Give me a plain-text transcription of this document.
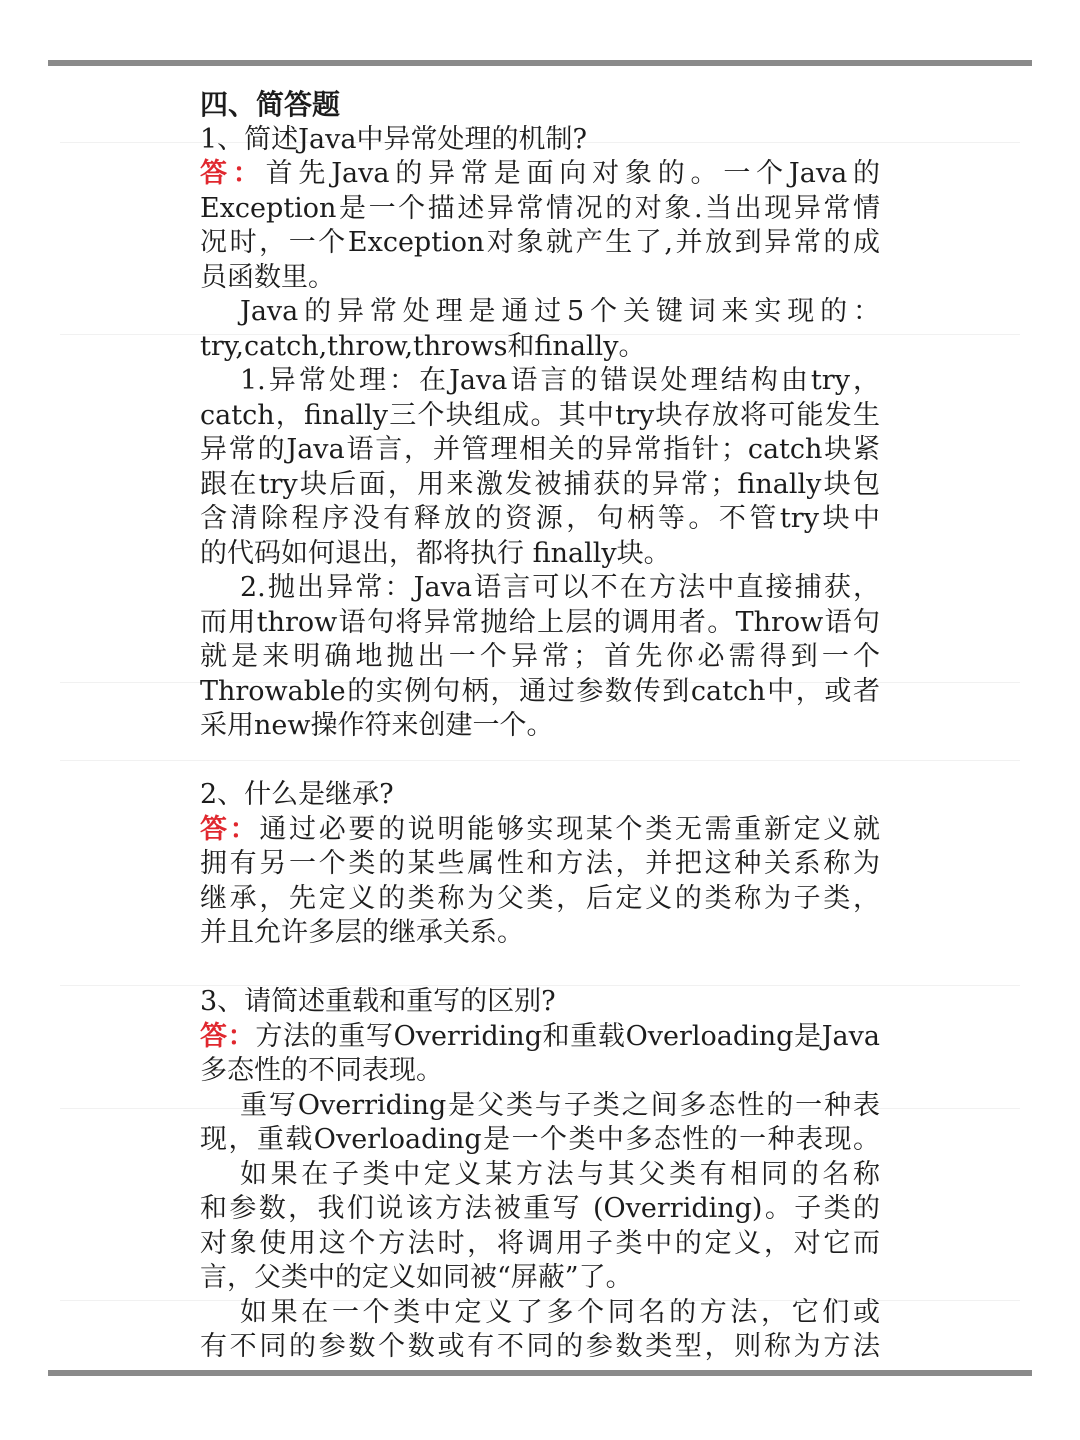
四、简答题
1、简述Java中异常处理的机制?
答：首先Java的异常是面向对象的。一个Java的
Exception是一个描述异常情况的对象.当出现异常情
况时，一个Exception对象就产生了,并放到异常的成
员函数里。
Java的异常处理是通过5个关键词来实现的：
try,catch,throw,throws和finally。
1.异常处理：在Java语言的错误处理结构由try，
catch，finally三个块组成。其中try块存放将可能发生
异常的Java语言，并管理相关的异常指针；catch块紧
跟在try块后面，用来激发被捕获的异常；finally块包
含清除程序没有释放的资源，句柄等。不管try块中
的代码如何退出，都将执行 finally块。
2.抛出异常：Java语言可以不在方法中直接捕获，
而用throw语句将异常抛给上层的调用者。Throw语句
就是来明确地抛出一个异常；首先你必需得到一个
Throwable的实例句柄，通过参数传到catch中，或者
采用new操作符来创建一个。
2、什么是继承?
答：通过必要的说明能够实现某个类无需重新定义就
拥有另一个类的某些属性和方法，并把这种关系称为
继承，先定义的类称为父类，后定义的类称为子类，
并且允许多层的继承关系。
3、请简述重载和重写的区别?
答：方法的重写Overriding和重载Overloading是Java
多态性的不同表现。
重写Overriding是父类与子类之间多态性的一种表
现，重载Overloading是一个类中多态性的一种表现。
如果在子类中定义某方法与其父类有相同的名称
和参数，我们说该方法被重写 (Overriding)。子类的
对象使用这个方法时，将调用子类中的定义，对它而
言，父类中的定义如同被“屏蔽”了。
如果在一个类中定义了多个同名的方法，它们或
有不同的参数个数或有不同的参数类型，则称为方法
